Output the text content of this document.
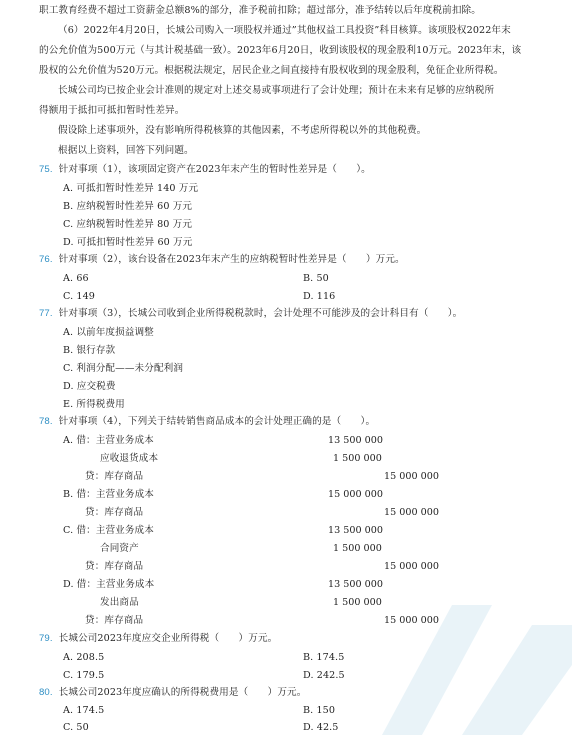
职工教育经费不超过工资薪金总额8%的部分，准予税前扣除；超过部分，准予结转以后年度税前扣除。
（6）2022年4月20日，长城公司购入一项股权并通过”其他权益工具投资”科目核算。该项股权2022年末
的公允价值为500万元（与其计税基础一致）。2023年6月20日，收到该股权的现金股利10万元。2023年末，该
股权的公允价值为520万元。根据税法规定，居民企业之间直接持有股权收到的现金股利，免征企业所得税。
长城公司均已按企业会计准则的规定对上述交易或事项进行了会计处理；预计在未来有足够的应纳税所
得额用于抵扣可抵扣暂时性差异。
假设除上述事项外，没有影响所得税核算的其他因素，不考虑所得税以外的其他税费。
根据以上资料，回答下列问题。
75. 针对事项（1），该项固定资产在2023年末产生的暂时性差异是（　　）。
A. 可抵扣暂时性差异 140 万元
B. 应纳税暂时性差异 60 万元
C. 应纳税暂时性差异 80 万元
D. 可抵扣暂时性差异 60 万元
76. 针对事项（2），该台设备在2023年末产生的应纳税暂时性差异是（　　）万元。
A. 66	B. 50
C. 149	D. 116
77. 针对事项（3），长城公司收到企业所得税税款时，会计处理不可能涉及的会计科目有（　　）。
A. 以前年度损益调整
B. 银行存款
C. 利润分配——未分配利润
D. 应交税费
E. 所得税费用
78. 针对事项（4），下列关于结转销售商品成本的会计处理正确的是（　　）。
A. 借：主营业务成本	13 500 000
应收退货成本	1 500 000
贷：库存商品	15 000 000
B. 借：主营业务成本	15 000 000
贷：库存商品	15 000 000
C. 借：主营业务成本	13 500 000
合同资产	1 500 000
贷：库存商品	15 000 000
D. 借：主营业务成本	13 500 000
发出商品	1 500 000
贷：库存商品	15 000 000
79. 长城公司2023年度应交企业所得税（　　）万元。
A. 208.5	B. 174.5
C. 179.5	D. 242.5
80. 长城公司2023年度应确认的所得税费用是（　　）万元。
A. 174.5	B. 150
C. 50	D. 42.5
